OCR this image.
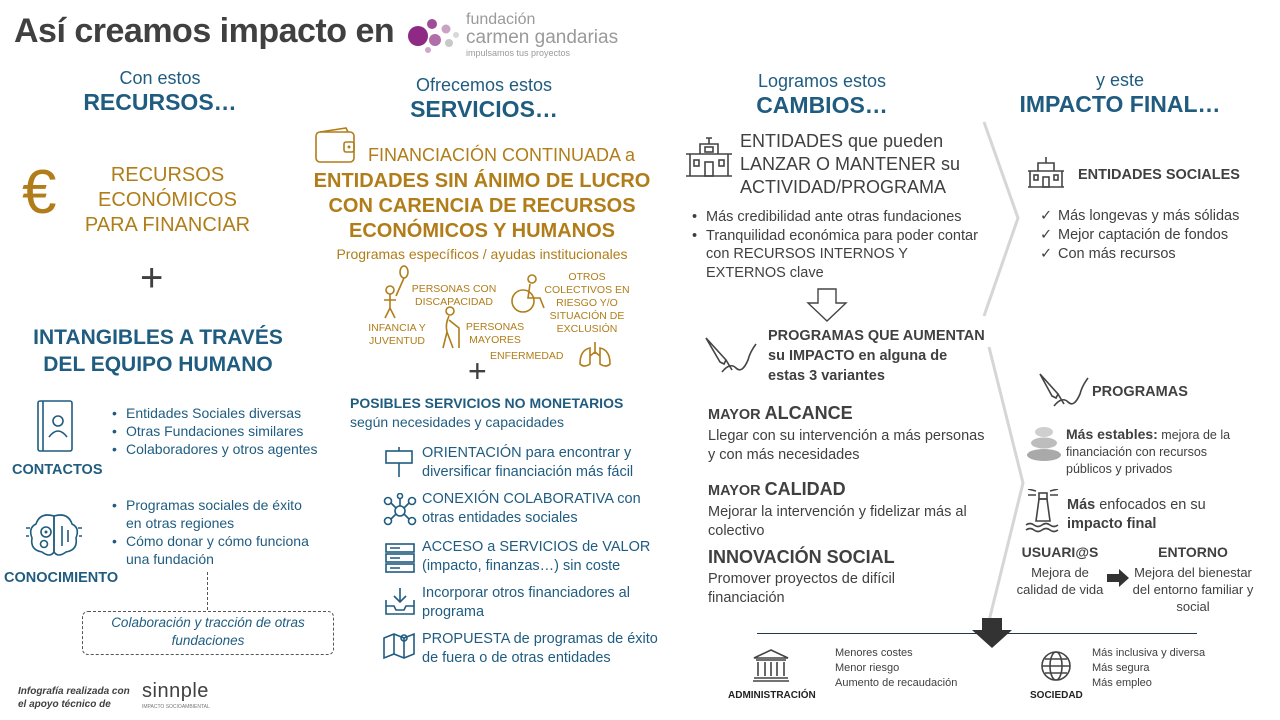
Así creamos impacto en	fundación
carmen gandarias
impulsamos tus proyectos
Con estos
RECURSOS…
€	RECURSOS
ECONÓMICOS
PARA FINANCIAR
+
INTANGIBLES A TRAVÉS
DEL EQUIPO HUMANO
CONTACTOS
• Entidades Sociales diversas
• Otras Fundaciones similares
• Colaboradores y otros agentes
CONOCIMIENTO
• Programas sociales de éxito en otras regiones
• Cómo donar y cómo funciona una fundación
Colaboración y tracción de otras fundaciones
Infografía realizada con
el apoyo técnico de
sinnple
IMPACTO SOCIOAMBIENTAL
Ofrecemos estos
SERVICIOS…
FINANCIACIÓN CONTINUADA a
ENTIDADES SIN ÁNIMO DE LUCRO
CON CARENCIA DE RECURSOS
ECONÓMICOS Y HUMANOS
Programas específicos / ayudas institucionales
PERSONAS CON DISCAPACIDAD
OTROS COLECTIVOS EN RIESGO Y/O SITUACIÓN DE EXCLUSIÓN
INFANCIA Y JUVENTUD
PERSONAS MAYORES
ENFERMEDAD
+
POSIBLES SERVICIOS NO MONETARIOS
según necesidades y capacidades
ORIENTACIÓN para encontrar y diversificar financiación más fácil
CONEXIÓN COLABORATIVA con otras entidades sociales
ACCESO a SERVICIOS de VALOR (impacto, finanzas…) sin coste
Incorporar otros financiadores al programa
PROPUESTA de programas de éxito de fuera o de otras entidades
Logramos estos
CAMBIOS…
ENTIDADES que pueden LANZAR O MANTENER su ACTIVIDAD/PROGRAMA
• Más credibilidad ante otras fundaciones
• Tranquilidad económica para poder contar con RECURSOS INTERNOS Y EXTERNOS clave
PROGRAMAS QUE AUMENTAN su IMPACTO en alguna de estas 3 variantes
MAYOR ALCANCE
Llegar con su intervención a más personas y con más necesidades
MAYOR CALIDAD
Mejorar la intervención y fidelizar más al colectivo
INNOVACIÓN SOCIAL
Promover proyectos de difícil financiación
y este
IMPACTO FINAL…
ENTIDADES SOCIALES
✓ Más longevas y más sólidas
✓ Mejor captación de fondos
✓ Con más recursos
PROGRAMAS
Más estables: mejora de la financiación con recursos públicos y privados
Más enfocados en su
impacto final
USUARI@S
Mejora de calidad de vida
ENTORNO
Mejora del bienestar del entorno familiar y social
ADMINISTRACIÓN
Menores costes
Menor riesgo
Aumento de recaudación
SOCIEDAD
Más inclusiva y diversa
Más segura
Más empleo
